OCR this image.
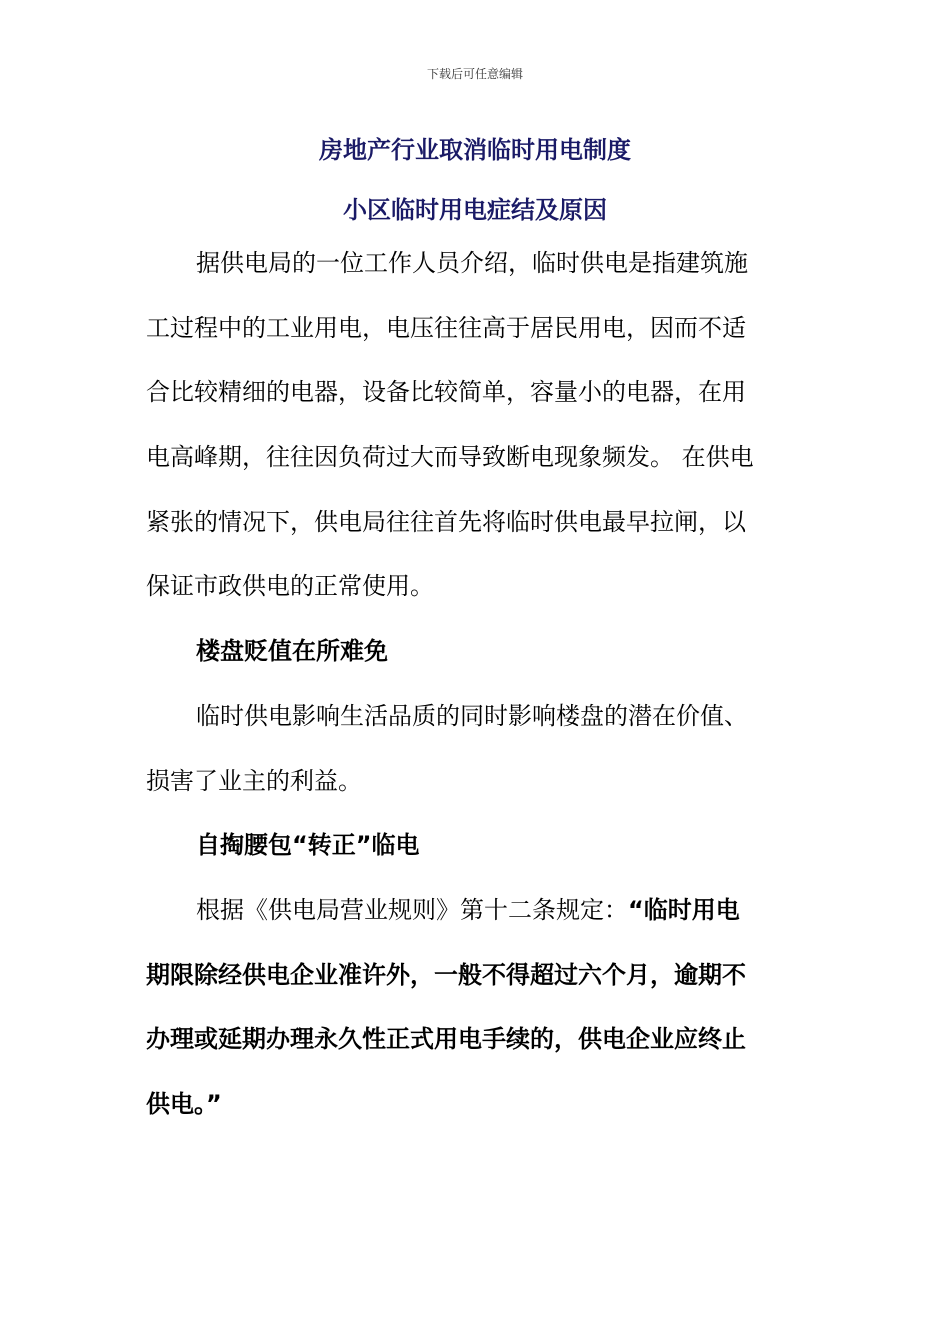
下载后可任意编辑
房地产行业取消临时用电制度
小区临时用电症结及原因
据供电局的一位工作人员介绍，临时供电是指建筑施
工过程中的工业用电，电压往往高于居民用电，因而不适
合比较精细的电器，设备比较简单，容量小的电器，在用
电高峰期，往往因负荷过大而导致断电现象频发。 在供电
紧张的情况下，供电局往往首先将临时供电最早拉闸，以
保证市政供电的正常使用。
楼盘贬值在所难免
临时供电影响生活品质的同时影响楼盘的潜在价值、
损害了业主的利益。
自掏腰包“转正”临电
根据《供电局营业规则》第十二条规定：“临时用电
期限除经供电企业准许外，一般不得超过六个月，逾期不
办理或延期办理永久性正式用电手续的，供电企业应终止
供电。”
